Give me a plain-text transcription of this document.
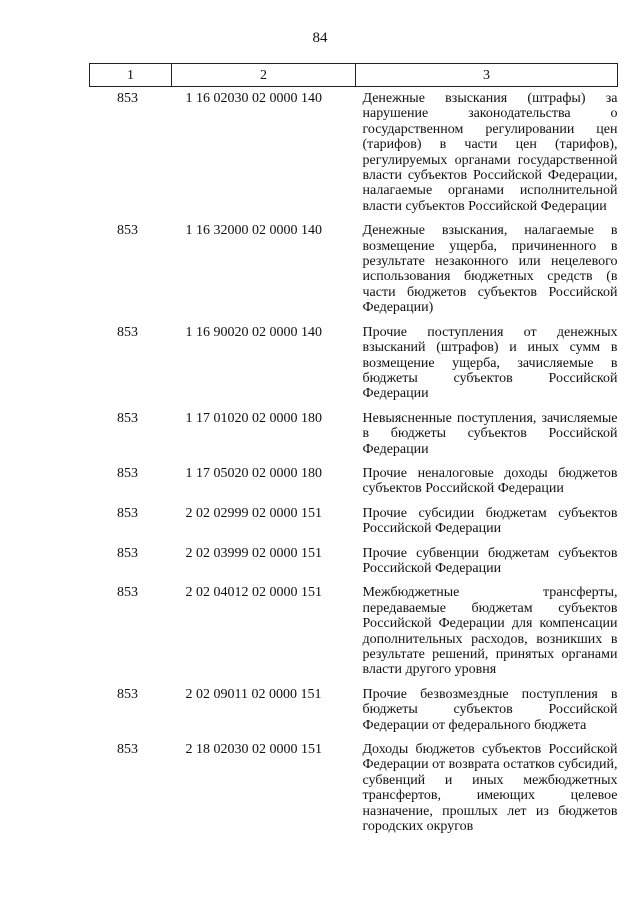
84
1	2	3
853	1 16 02030 02 0000 140	Денежные взыскания (штрафы) за нарушение законодательства о государственном регулировании цен (тарифов) в части цен (тарифов), регулируемых органами государственной власти субъектов Российской Федерации, налагаемые органами исполнительной власти субъектов Российской Федерации
853	1 16 32000 02 0000 140	Денежные взыскания, налагаемые в возмещение ущерба, причиненного в результате незаконного или нецелевого использования бюджетных средств (в части бюджетов субъектов Российской Федерации)
853	1 16 90020 02 0000 140	Прочие поступления от денежных взысканий (штрафов) и иных сумм в возмещение ущерба, зачисляемые в бюджеты субъектов Российской Федерации
853	1 17 01020 02 0000 180	Невыясненные поступления, зачисляемые в бюджеты субъектов Российской Федерации
853	1 17 05020 02 0000 180	Прочие неналоговые доходы бюджетов субъектов Российской Федерации
853	2 02 02999 02 0000 151	Прочие субсидии бюджетам субъектов Российской Федерации
853	2 02 03999 02 0000 151	Прочие субвенции бюджетам субъектов Российской Федерации
853	2 02 04012 02 0000 151	Межбюджетные трансферты, передаваемые бюджетам субъектов Российской Федерации для компенсации дополнительных расходов, возникших в результате решений, принятых органами власти другого уровня
853	2 02 09011 02 0000 151	Прочие безвозмездные поступления в бюджеты субъектов Российской Федерации от федерального бюджета
853	2 18 02030 02 0000 151	Доходы бюджетов субъектов Российской Федерации от возврата остатков субсидий, субвенций и иных межбюджетных трансфертов, имеющих целевое назначение, прошлых лет из бюджетов городских округов
